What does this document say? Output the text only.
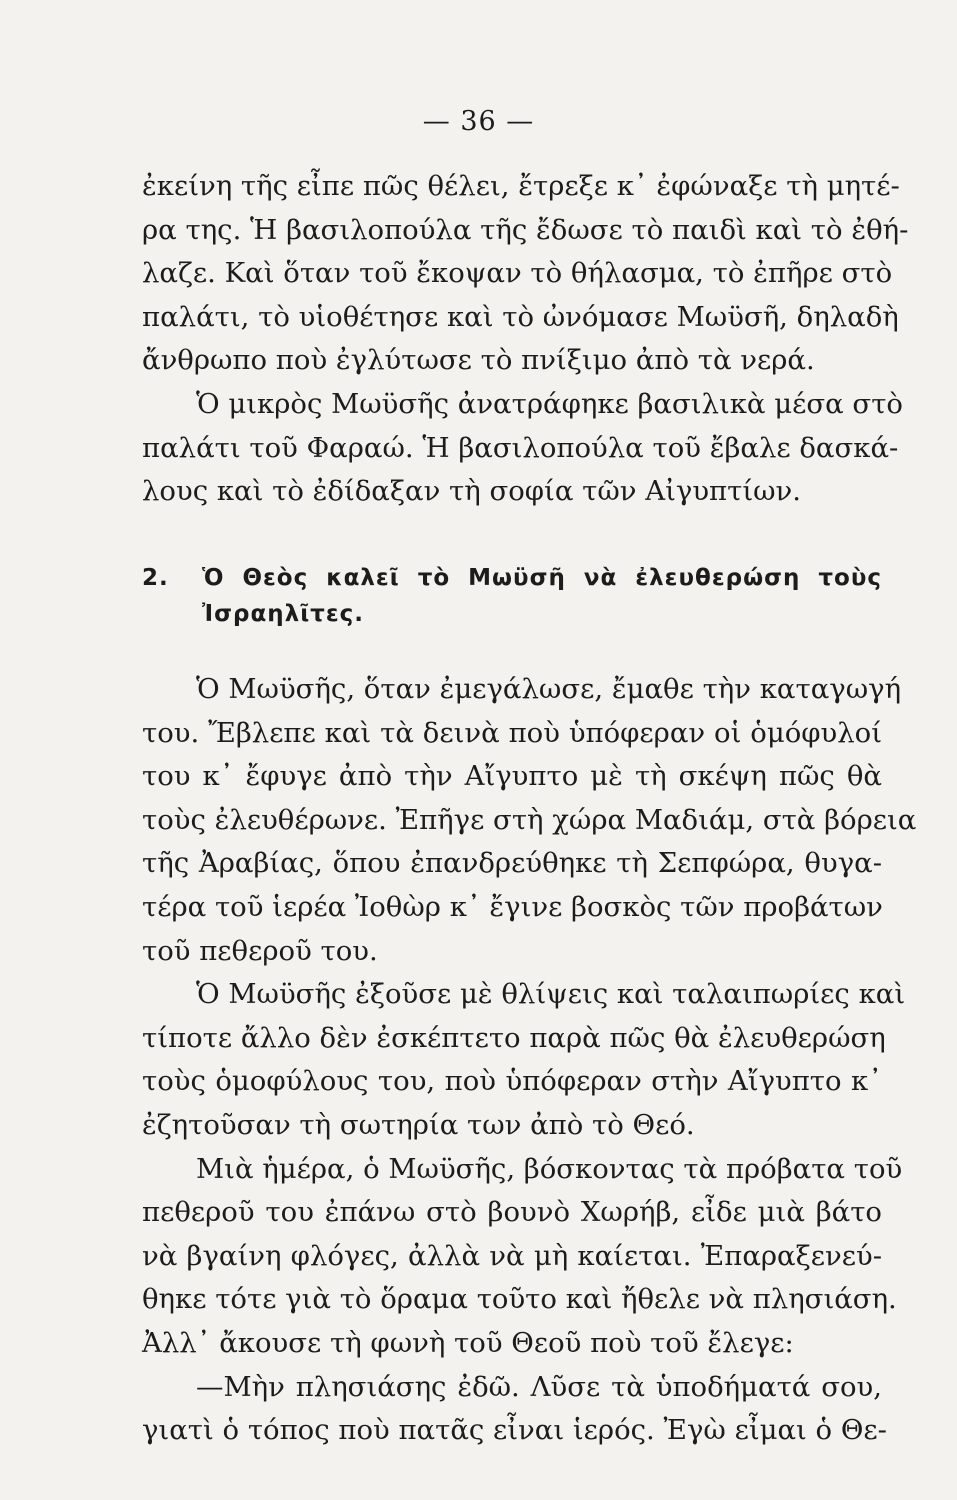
— 36 —
ἐκείνη τῆς εἶπε πῶς θέλει, ἔτρεξε κ᾿ ἐφώναξε τὴ μητέ-
ρα της. Ἡ βασιλοπούλα τῆς ἔδωσε τὸ παιδὶ καὶ τὸ ἐθή-
λαζε. Καὶ ὅταν τοῦ ἔκοψαν τὸ θήλασμα, τὸ ἐπῆρε στὸ
παλάτι, τὸ υἱοθέτησε καὶ τὸ ὠνόμασε Μωϋσῆ, δηλαδὴ
ἄνθρωπο ποὺ ἐγλύτωσε τὸ πνίξιμο ἀπὸ τὰ νερά.
Ὁ μικρὸς Μωϋσῆς ἀνατράφηκε βασιλικὰ μέσα στὸ
παλάτι τοῦ Φαραώ. Ἡ βασιλοπούλα τοῦ ἔβαλε δασκά-
λους καὶ τὸ ἐδίδαξαν τὴ σοφία τῶν Αἰγυπτίων.
2.	Ὁ Θεὸς καλεῖ τὸ Μωϋσῆ νὰ ἐλευθερώση τοὺς
Ἰσραηλῖτες.
Ὁ Μωϋσῆς, ὅταν ἐμεγάλωσε, ἔμαθε τὴν καταγωγή
του. Ἔβλεπε καὶ τὰ δεινὰ ποὺ ὑπόφεραν οἱ ὁμόφυλοί
του κ᾿ ἔφυγε ἀπὸ τὴν Αἴγυπτο μὲ τὴ σκέψη πῶς θὰ
τοὺς ἐλευθέρωνε. Ἐπῆγε στὴ χώρα Μαδιάμ, στὰ βόρεια
τῆς Ἀραβίας, ὅπου ἐπανδρεύθηκε τὴ Σεπφώρα, θυγα-
τέρα τοῦ ἱερέα Ἰοθὼρ κ᾿ ἔγινε βοσκὸς τῶν προβάτων
τοῦ πεθεροῦ του.
Ὁ Μωϋσῆς ἐξοῦσε μὲ θλίψεις καὶ ταλαιπωρίες καὶ
τίποτε ἄλλο δὲν ἐσκέπτετο παρὰ πῶς θὰ ἐλευθερώση
τοὺς ὁμοφύλους του, ποὺ ὑπόφεραν στὴν Αἴγυπτο κ᾿
ἐζητοῦσαν τὴ σωτηρία των ἀπὸ τὸ Θεό.
Μιὰ ἡμέρα, ὁ Μωϋσῆς, βόσκοντας τὰ πρόβατα τοῦ
πεθεροῦ του ἐπάνω στὸ βουνὸ Χωρήβ, εἶδε μιὰ βάτο
νὰ βγαίνη φλόγες, ἀλλὰ νὰ μὴ καίεται. Ἐπαραξενεύ-
θηκε τότε γιὰ τὸ ὅραμα τοῦτο καὶ ἤθελε νὰ πλησιάση.
Ἀλλ᾿ ἄκουσε τὴ φωνὴ τοῦ Θεοῦ ποὺ τοῦ ἔλεγε:
—Μὴν πλησιάσης ἐδῶ. Λῦσε τὰ ὑποδήματά σου,
γιατὶ ὁ τόπος ποὺ πατᾶς εἶναι ἱερός. Ἐγὼ εἶμαι ὁ Θε-
